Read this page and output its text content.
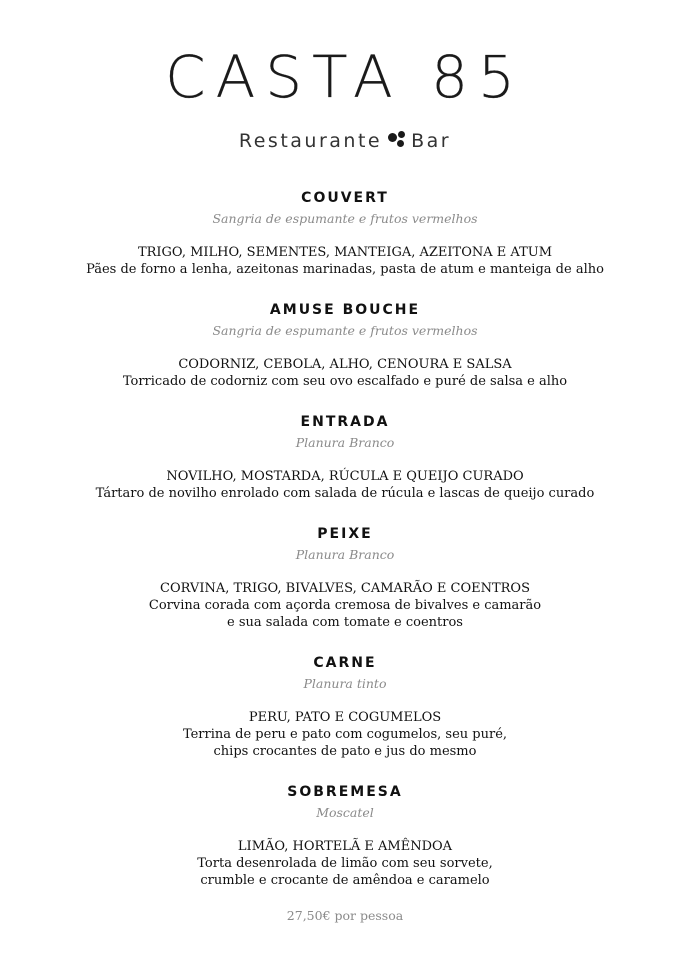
CASTA 85
Restaurante Bar
COUVERT
Sangria de espumante e frutos vermelhos
TRIGO, MILHO, SEMENTES, MANTEIGA, AZEITONA E ATUM
Pães de forno a lenha, azeitonas marinadas, pasta de atum e manteiga de alho
AMUSE BOUCHE
Sangria de espumante e frutos vermelhos
CODORNIZ, CEBOLA, ALHO, CENOURA E SALSA
Torricado de codorniz com seu ovo escalfado e puré de salsa e alho
ENTRADA
Planura Branco
NOVILHO, MOSTARDA, RÚCULA E QUEIJO CURADO
Tártaro de novilho enrolado com salada de rúcula e lascas de queijo curado
PEIXE
Planura Branco
CORVINA, TRIGO, BIVALVES, CAMARÃO E COENTROS
Corvina corada com açorda cremosa de bivalves e camarão
e sua salada com tomate e coentros
CARNE
Planura tinto
PERU, PATO E COGUMELOS
Terrina de peru e pato com cogumelos, seu puré,
chips crocantes de pato e jus do mesmo
SOBREMESA
Moscatel
LIMÃO, HORTELÃ E AMÊNDOA
Torta desenrolada de limão com seu sorvete,
crumble e crocante de amêndoa e caramelo
27,50€ por pessoa
